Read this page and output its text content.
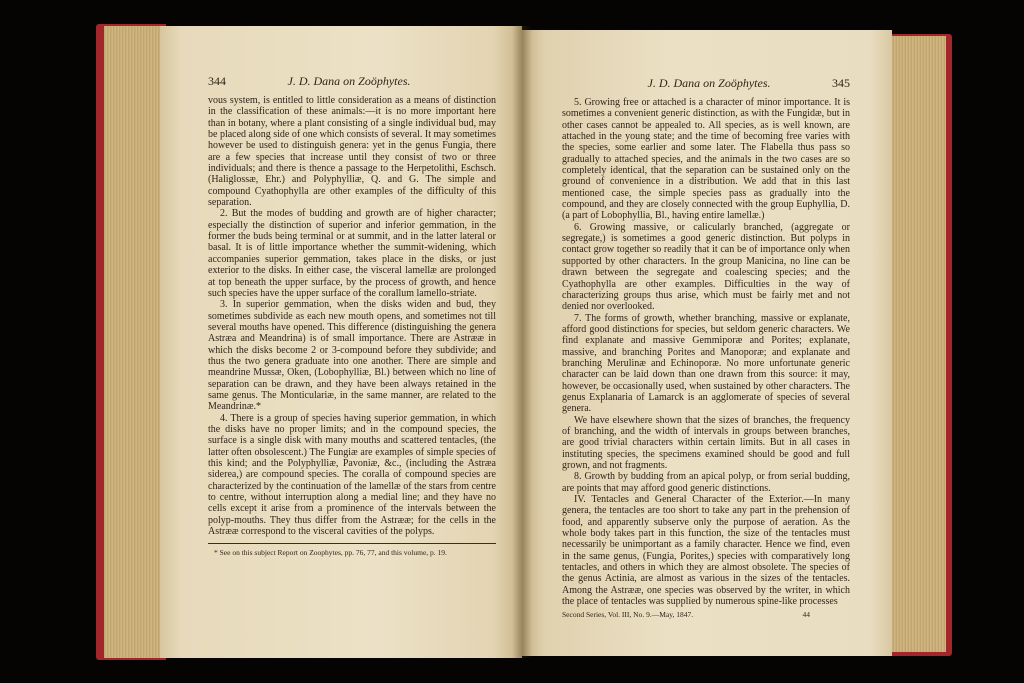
344	J. D. Dana on Zoöphytes.

vous system, is entitled to little consideration as a means of distinction in the classification of these animals:—it is no more important here than in botany, where a plant consisting of a single individual bud, may be placed along side of one which consists of several. It may sometimes however be used to distinguish genera: yet in the genus Fungia, there are a few species that increase until they consist of two or three individuals; and there is thence a passage to the Herpetolithi, Eschsch. (Haliglossæ, Ehr.) and Polyphylliæ, Q. and G. The simple and compound Cyathophylla are other examples of the difficulty of this separation.

2. But the modes of budding and growth are of higher character; especially the distinction of superior and inferior gemmation, in the former the buds being terminal or at summit, and in the latter lateral or basal. It is of little importance whether the summit-widening, which accompanies superior gemmation, takes place in the disks, or just exterior to the disks. In either case, the visceral lamellæ are prolonged at top beneath the upper surface, by the process of growth, and hence such species have the upper surface of the corallum lamello-striate.

3. In superior gemmation, when the disks widen and bud, they sometimes subdivide as each new mouth opens, and sometimes not till several mouths have opened. This difference (distinguishing the genera Astræa and Meandrina) is of small importance. There are Astrææ in which the disks become 2 or 3-compound before they subdivide; and thus the two genera graduate into one another. There are simple and meandrine Mussæ, Oken, (Lobophylliæ, Bl.) between which no line of separation can be drawn, and they have been always retained in the same genus. The Monticulariæ, in the same manner, are related to the Meandrinæ.*

4. There is a group of species having superior gemmation, in which the disks have no proper limits; and in the compound species, the surface is a single disk with many mouths and scattered tentacles, (the latter often obsolescent.) The Fungiæ are examples of simple species of this kind; and the Polyphylliæ, Pavoniæ, &c., (including the Astræa siderea,) are compound species. The coralla of compound species are characterized by the continuation of the lamellæ of the stars from centre to centre, without interruption along a medial line; and they have no cells except it arise from a prominence of the intervals between the polyp-mouths. They thus differ from the Astrææ; for the cells in the Astrææ correspond to the visceral cavities of the polyps.

* See on this subject Report on Zoophytes, pp. 76, 77, and this volume, p. 19.
J. D. Dana on Zoöphytes.	345

5. Growing free or attached is a character of minor importance. It is sometimes a convenient generic distinction, as with the Fungidæ, but in other cases cannot be appealed to. All species, as is well known, are attached in the young state; and the time of becoming free varies with the species, some earlier and some later. The Flabella thus pass so gradually to attached species, and the animals in the two cases are so completely identical, that the separation can be sustained only on the ground of convenience in a distribution. We add that in this last mentioned case, the simple species pass as gradually into the compound, and they are closely connected with the group Euphyllia, D. (a part of Lobophyllia, Bl., having entire lamellæ.)

6. Growing massive, or calicularly branched, (aggregate or segregate,) is sometimes a good generic distinction. But polyps in contact grow together so readily that it can be of importance only when supported by other characters. In the group Manicina, no line can be drawn between the segregate and coalescing species; and the Cyathophylla are other examples. Difficulties in the way of characterizing groups thus arise, which must be fairly met and not denied nor overlooked.

7. The forms of growth, whether branching, massive or explanate, afford good distinctions for species, but seldom generic characters. We find explanate and massive Gemmiporæ and Porites; explanate, massive, and branching Porites and Manoporæ; and explanate and branching Merulinæ and Echinoporæ. No more unfortunate generic character can be laid down than one drawn from this source: it may, however, be occasionally used, when sustained by other characters. The genus Explanaria of Lamarck is an agglomerate of species of several genera.

We have elsewhere shown that the sizes of branches, the frequency of branching, and the width of intervals in groups between branches, are good trivial characters within certain limits. But in all cases in instituting species, the specimens examined should be good and full grown, and not fragments.

8. Growth by budding from an apical polyp, or from serial budding, are points that may afford good generic distinctions.

IV. Tentacles and General Character of the Exterior.—In many genera, the tentacles are too short to take any part in the prehension of food, and apparently subserve only the purpose of aeration. As the whole body takes part in this function, the size of the tentacles must necessarily be unimportant as a family character. Hence we find, even in the same genus, (Fungia, Porites,) species with comparatively long tentacles, and others in which they are almost obsolete. The species of the genus Actinia, are almost as various in the sizes of the tentacles. Among the Astrææ, one species was observed by the writer, in which the place of tentacles was supplied by numerous spine-like processes

Second Series, Vol. III, No. 9.—May, 1847.	44
